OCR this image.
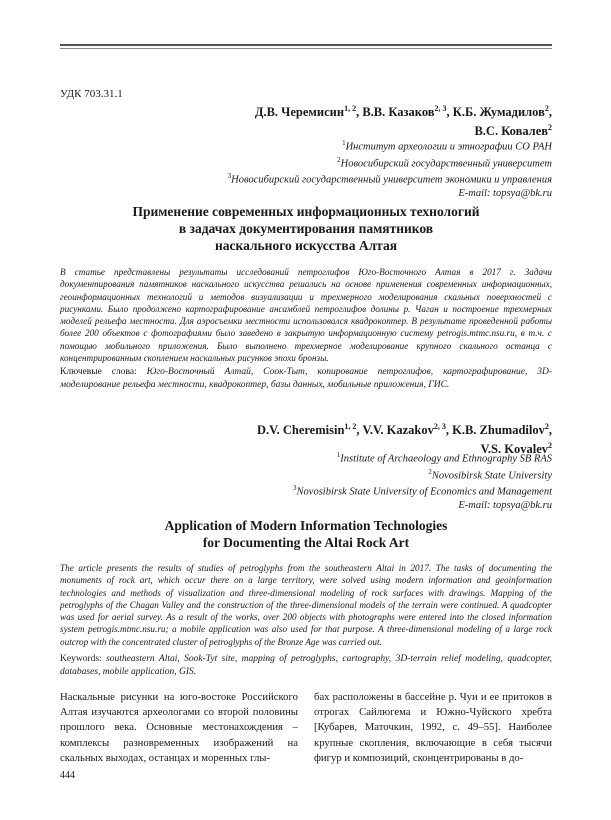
УДК 703.31.1
Д.В. Черемисин$^{1, 2}$, В.В. Казаков$^{2, 3}$, К.Б. Жумадилов$^2$,
В.С. Ковалев$^2$
$^1$Институт археологии и этнографии СО РАН
$^2$Новосибирский государственный университет
$^3$Новосибирский государственный университет экономики и управления
E-mail: topsya@bk.ru
Применение современных информационных технологий
в задачах документирования памятников
наскального искусства Алтая
В статье представлены результаты исследований петроглифов Юго-Восточного Алтая в 2017 г. Задачи документирования памятников наскального искусства решались на основе применения современных информационных, геоинформационных технологий и методов визуализации и трехмерного моделирования скальных поверхностей с рисунками. Было продолжено картографирование ансамблей петроглифов долины р. Чаган и построение трехмерных моделей рельефа местности. Для аэросъемки местности использовался квадрокоптер. В результате проведенной работы более 200 объектов с фотографиями было заведено в закрытую информационную систему petrogis.mtmc.nsu.ru, в т.ч. с помощью мобильного приложения. Было выполнено трехмерное моделирование крупного скального останца с концентрированным скоплением наскальных рисунков эпохи бронзы.
Ключевые слова: Юго-Восточный Алтай, Соок-Тыт, копирование петроглифов, картографирование, 3D-моделирование рельефа местности, квадрокоптер, базы данных, мобильные приложения, ГИС.
D.V. Cheremisin$^{1, 2}$, V.V. Kazakov$^{2, 3}$, K.B. Zhumadilov$^2$,
V.S. Kovalev$^2$
$^1$Institute of Archaeology and Ethnography SB RAS
$^2$Novosibirsk State University
$^3$Novosibirsk State University of Economics and Management
E-mail: topsya@bk.ru
Application of Modern Information Technologies
for Documenting the Altai Rock Art
The article presents the results of studies of petroglyphs from the southeastern Altai in 2017. The tasks of documenting the monuments of rock art, which occur there on a large territory, were solved using modern information and geoinformation technologies and methods of visualization and three-dimensional modeling of rock surfaces with drawings. Mapping of the petroglyphs of the Chagan Valley and the construction of the three-dimensional models of the terrain were continued. A quadcopter was used for aerial survey. As a result of the works, over 200 objects with photographs were entered into the closed information system petrogis.mtmc.nsu.ru; a mobile application was also used for that purpose. A three-dimensional modeling of a large rock outcrop with the concentrated cluster of petroglyphs of the Bronze Age was carried out.
Keywords: southeastern Altai, Sook-Tyt site, mapping of petroglyphs, cartography, 3D-terrain relief modeling, quadcopter, databases, mobile application, GIS.
Наскальные рисунки на юго-востоке Российского Алтая изучаются археологами со второй половины прошлого века. Основные местонахождения – комплексы разновременных изображений на скальных выходах, останцах и моренных глы-
бах расположены в бассейне р. Чуи и ее притоков в отрогах Сайлюгема и Южно-Чуйского хребта [Кубарев, Маточкин, 1992, с. 49–55]. Наиболее крупные скопления, включающие в себя тысячи фигур и композиций, сконцентрированы в до-
444
